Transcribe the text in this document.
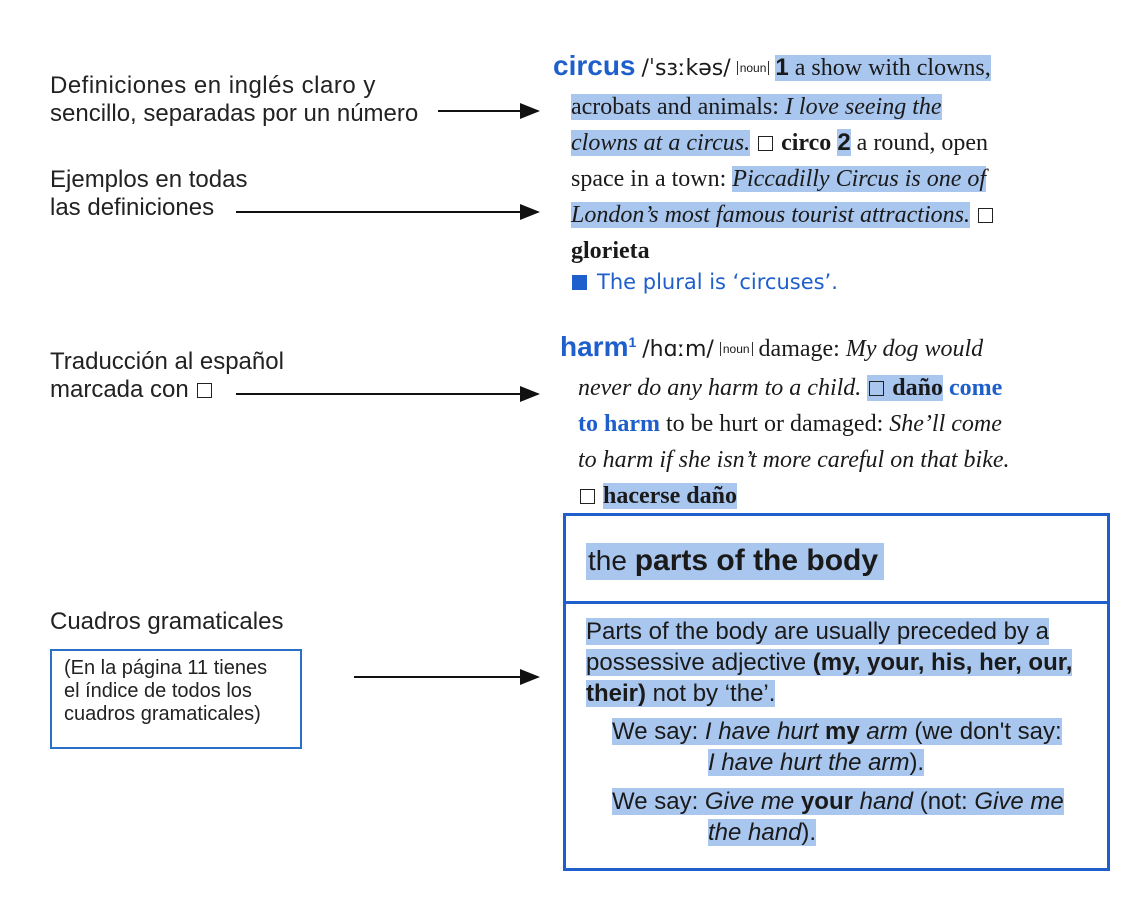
Definiciones en inglés claro y
sencillo, separadas por un número
Ejemplos en todas
las definiciones
Traducción al español
marcada con
Cuadros gramaticales
(En la página 11 tienes
el índice de todos los
cuadros gramaticales)
circus /ˈsɜːkəs/ noun 1 a show with clowns,
acrobats and animals: I love seeing the
clowns at a circus. circo 2 a round, open
space in a town: Piccadilly Circus is one of
London’s most famous tourist attractions.
glorieta
The plural is ‘circuses’.
harm$^1$ /hɑːm/ noun damage: My dog would
never do any harm to a child. daño come
to harm to be hurt or damaged: She’ll come
to harm if she isn’t more careful on that bike.
hacerse daño
the parts of the body
Parts of the body are usually preceded by a possessive adjective (my, your, his, her, our, their) not by ‘the’.
We say: I have hurt my arm (we don't say:
I have hurt the arm).
We say: Give me your hand (not: Give me
the hand).
